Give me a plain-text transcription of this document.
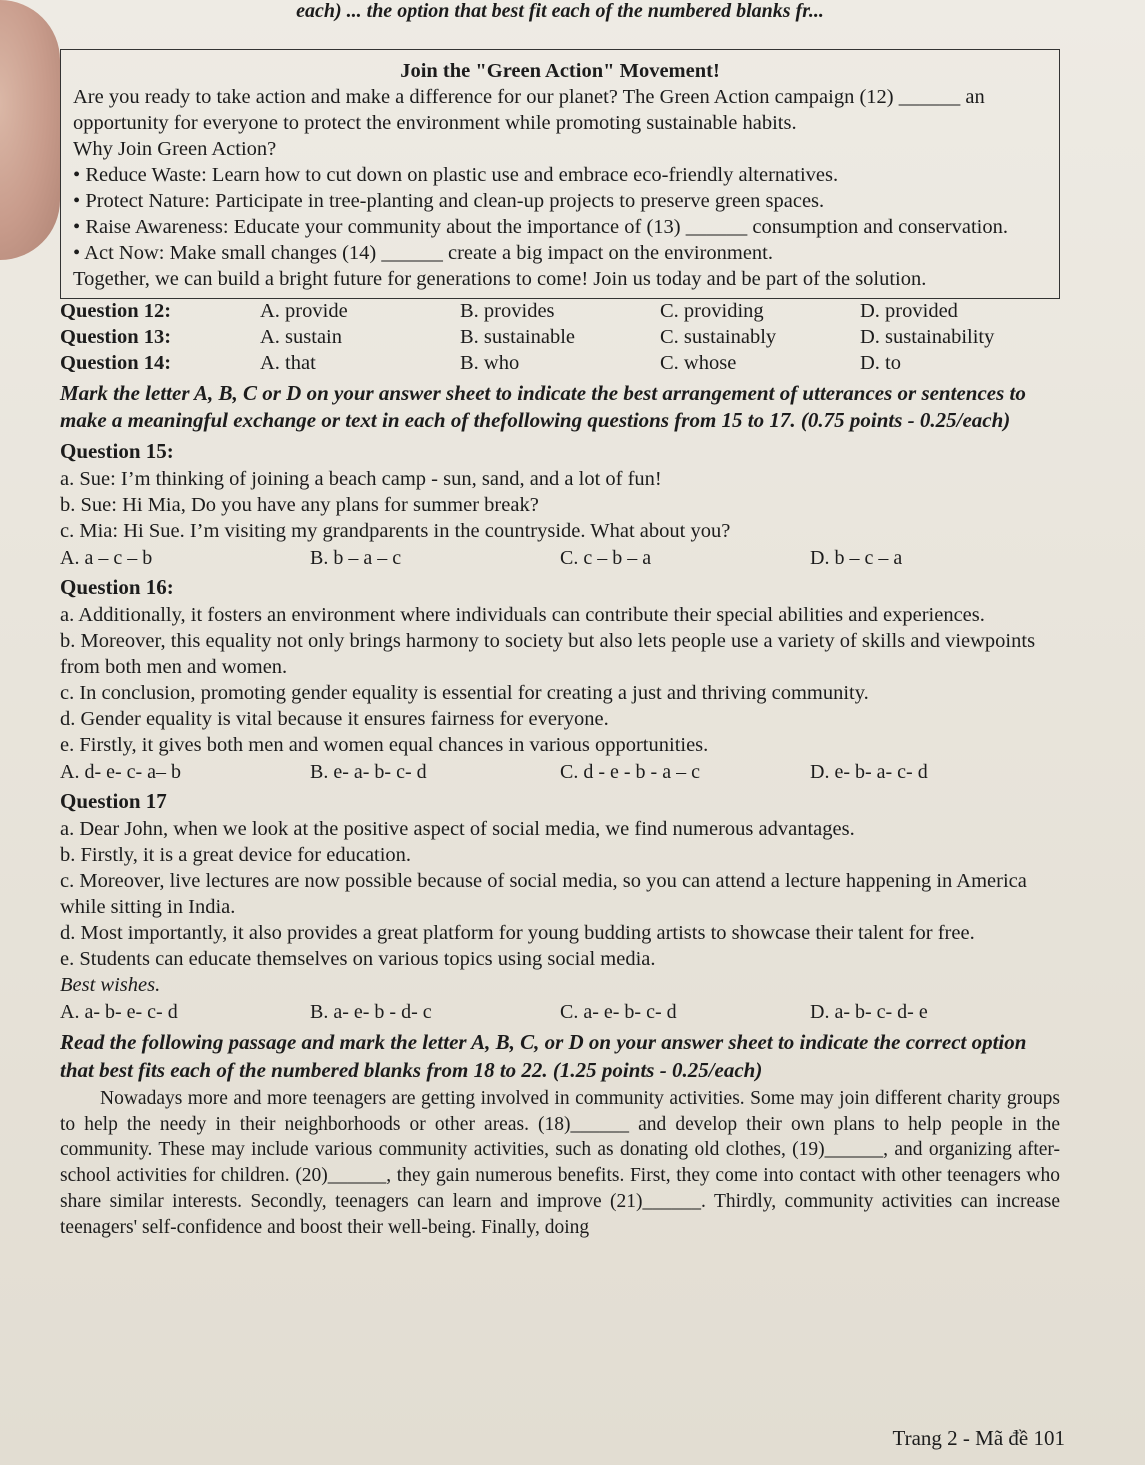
each) ... the option that best fit each of the numbered blanks fr...

Join the "Green Action" Movement!

Are you ready to take action and make a difference for our planet? The Green Action campaign (12) ______ an opportunity for everyone to protect the environment while promoting sustainable habits.

Why Join Green Action?

• Reduce Waste: Learn how to cut down on plastic use and embrace eco-friendly alternatives.

• Protect Nature: Participate in tree-planting and clean-up projects to preserve green spaces.

• Raise Awareness: Educate your community about the importance of (13) ______ consumption and conservation.

• Act Now: Make small changes (14) ______ create a big impact on the environment.

Together, we can build a bright future for generations to come! Join us today and be part of the solution.

Question 12:	A. provide	B. provides	C. providing	D. provided
Question 13:	A. sustain	B. sustainable	C. sustainably	D. sustainability
Question 14:	A. that	B. who	C. whose	D. to

Mark the letter A, B, C or D on your answer sheet to indicate the best arrangement of utterances or sentences to make a meaningful exchange or text in each of thefollowing questions from 15 to 17. (0.75 points - 0.25/each)

Question 15:

a. Sue: I’m thinking of joining a beach camp - sun, sand, and a lot of fun!

b. Sue: Hi Mia, Do you have any plans for summer break?

c. Mia: Hi Sue. I’m visiting my grandparents in the countryside. What about you?

A. a – c – b	B. b – a – c	C. c – b – a	D. b – c – a

Question 16:

a. Additionally, it fosters an environment where individuals can contribute their special abilities and experiences.

b. Moreover, this equality not only brings harmony to society but also lets people use a variety of skills and viewpoints from both men and women.

c. In conclusion, promoting gender equality is essential for creating a just and thriving community.

d. Gender equality is vital because it ensures fairness for everyone.

e. Firstly, it gives both men and women equal chances in various opportunities.

A. d- e- c- a– b	B. e- a- b- c- d	C. d - e - b - a – c	D. e- b- a- c- d

Question 17

a. Dear John, when we look at the positive aspect of social media, we find numerous advantages.

b. Firstly, it is a great device for education.

c. Moreover, live lectures are now possible because of social media, so you can attend a lecture happening in America while sitting in India.

d. Most importantly, it also provides a great platform for young budding artists to showcase their talent for free.

e. Students can educate themselves on various topics using social media.

Best wishes.

A. a- b- e- c- d	B. a- e- b - d- c	C. a- e- b- c- d	D. a- b- c- d- e

Read the following passage and mark the letter A, B, C, or D on your answer sheet to indicate the correct option that best fits each of the numbered blanks from 18 to 22. (1.25 points - 0.25/each)

Nowadays more and more teenagers are getting involved in community activities. Some may join different charity groups to help the needy in their neighborhoods or other areas. (18)______ and develop their own plans to help people in the community. These may include various community activities, such as donating old clothes, (19)______, and organizing after-school activities for children. (20)______, they gain numerous benefits. First, they come into contact with other teenagers who share similar interests. Secondly, teenagers can learn and improve (21)______. Thirdly, community activities can increase teenagers' self-confidence and boost their well-being. Finally, doing

Trang 2 - Mã đề 101
